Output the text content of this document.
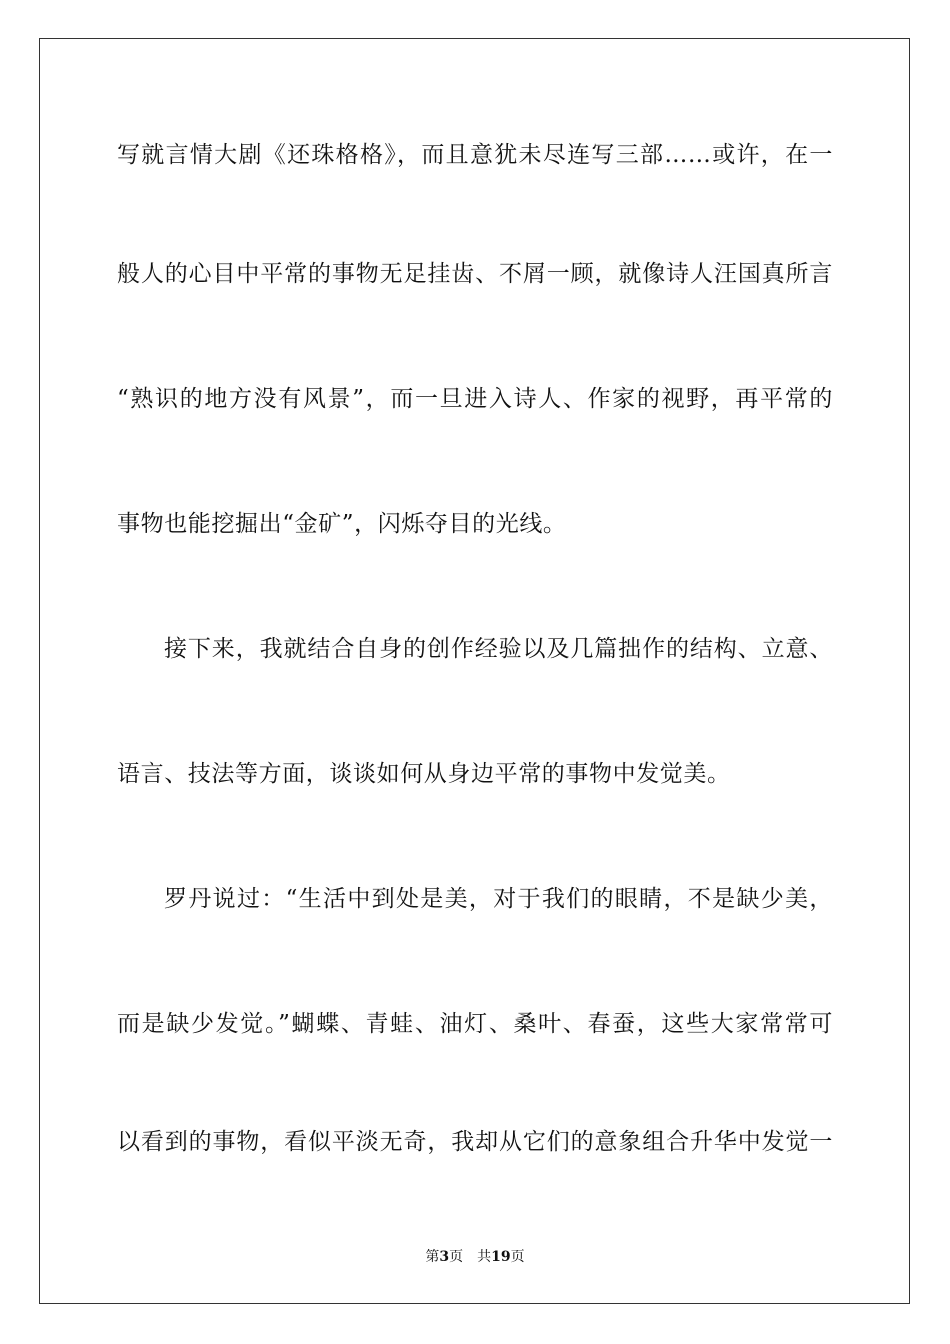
写就言情大剧《还珠格格》，而且意犹未尽连写三部……或许，在一
般人的心目中平常的事物无足挂齿、不屑一顾，就像诗人汪国真所言
“熟识的地方没有风景”，而一旦进入诗人、作家的视野，再平常的
事物也能挖掘出“金矿”，闪烁夺目的光线。
接下来，我就结合自身的创作经验以及几篇拙作的结构、立意、
语言、技法等方面，谈谈如何从身边平常的事物中发觉美。
罗丹说过：“生活中到处是美，对于我们的眼睛，不是缺少美，
而是缺少发觉。”蝴蝶、青蛙、油灯、桑叶、春蚕，这些大家常常可
以看到的事物，看似平淡无奇，我却从它们的意象组合升华中发觉一
第3页 共19页
